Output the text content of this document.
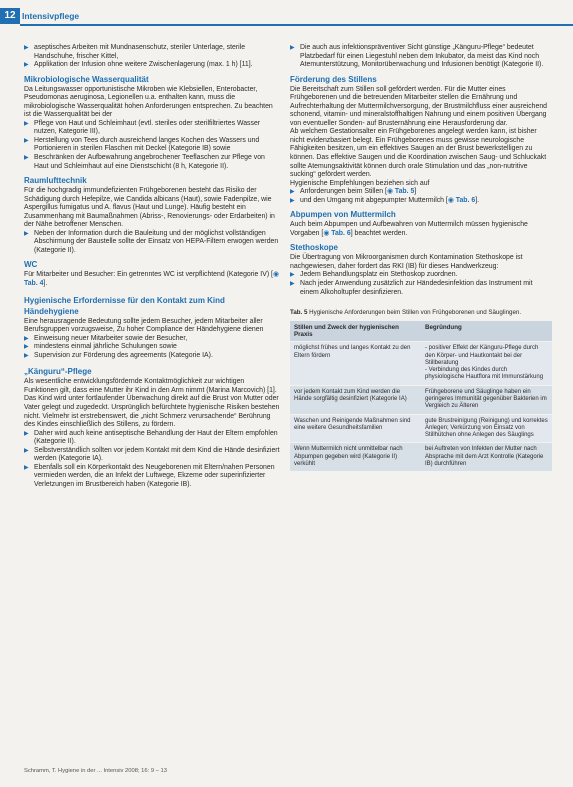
12 Intensivpflege
▶ aseptisches Arbeiten mit Mundnasenschutz, steriler Unterlage, sterile Handschuhe, frischer Kittel,
▶ Applikation der Infusion ohne weitere Zwischenlagerung (max. 1 h) [11].
Mikrobiologische Wasserqualität

Da Leitungswasser opportunistische Mikroben wie Klebsiellen, Enterobacter, Pseudomonas aeruginosa, Legionellen u.a. enthalten kann, muss die mikrobiologische Wasserqualität hohen Anforderungen entsprechen. Zu beachten ist die Wasserqualität bei der

▶ Pflege von Haut und Schleimhaut (evtl. steriles oder sterilfiltriertes Wasser nutzen, Kategorie III),
▶ Herstellung von Tees durch ausreichend langes Kochen des Wassers und Portionieren in sterilen Flaschen mit Deckel (Kategorie IB) sowie
▶ Beschränken der Aufbewahrung angebrochener Teeflaschen zur Pflege von Haut und Schleimhaut auf eine Dienstschicht (8 h, Kategorie II).
Raumlufttechnik

Für die hochgradig immundefizienten Frühgeborenen besteht das Risiko der Schädigung durch Hefepilze, wie Candida albicans (Haut), sowie Fadenpilze, wie Aspergillus fumigatus und A. flavus (Haut und Lunge). Häufig besteht ein Zusammenhang mit Baumaßnahmen (Abriss-, Renovierungs- oder Erdarbeiten) in der Nähe betroffener Menschen.

▶ Neben der Information durch die Bauleitung und der möglichst vollständigen Abschirmung der Baustelle sollte der Einsatz von HEPA-Filtern erwogen werden (Kategorie II).
WC

Für Mitarbeiter und Besucher: Ein getrenntes WC ist verpflichtend (Kategorie IV) [◉ Tab. 4].

Hygienische Erfordernisse für den Kontakt zum Kind
Händehygiene

Eine herausragende Bedeutung sollte jedem Besucher, jedem Mitarbeiter aller Berufsgruppen vorzugsweise, Zu hoher Compliance der Händehygiene dienen

▶ Einweisung neuer Mitarbeiter sowie der Besucher,
▶ mindestens einmal jährliche Schulungen sowie
▶ Supervision zur Förderung des agreements (Kategorie IA).
„Känguru“-Pflege

Als wesentliche entwicklungsfördernde Kontaktmöglichkeit zur wichtigen Funktionen gilt, dass eine Mutter ihr Kind in den Arm nimmt (Marina Marcovich) [1]. Das Kind wird unter fortlaufender Überwachung direkt auf die Brust von Mutter oder Vater gelegt und zugedeckt. Ursprünglich befürchtete hygienische Risiken bestehen nicht. Vielmehr ist erstrebenswert, die „nicht Schmerz verursachende“ Berührung des Kindes einschließlich des Stillens, zu fördern.

▶ Daher wird auch keine antiseptische Behandlung der Haut der Eltern empfohlen (Kategorie II).
▶ Selbstverständlich sollten vor jedem Kontakt mit dem Kind die Hände desinfiziert werden (Kategorie IA).
▶ Ebenfalls soll ein Körperkontakt des Neugeborenen mit Eltern/nahen Personen vermieden werden, die an Infekt der Luftwege, Ekzeme oder superinfizierter Verletzungen im Brustbereich haben (Kategorie IB).
▶ Die auch aus infektionspräventiver Sicht günstige „Känguru-Pflege“ bedeutet Platzbedarf für einen Liegestuhl neben dem Inkubator, da meist das Kind noch Atemunterstützung, Monitorüberwachung und Infusionen benötigt (Kategorie II).
Förderung des Stillens

Die Bereitschaft zum Stillen soll gefördert werden. Für die Mutter eines Frühgeborenen und die betreuenden Mitarbeiter stellen die Ernährung und Aufrechterhaltung der Muttermilchversorgung, der Brustmilchfluss einer ausreichend schonend, vitamin- und mineralstoffhaltigen Nahrung und einem positiven Übergang von eventueller Sonden- auf Brusternährung eine Herausforderung dar.

Ab welchem Gestationsalter ein Frühgeborenes angelegt werden kann, ist bisher nicht evidenzbasiert belegt. Ein Frühgeborenes muss gewisse neurologische Fähigkeiten besitzen, um ein effektives Saugen an der Brust bewerkstelligen zu können. Das effektive Saugen und die Koordination zwischen Saug- und Schluckakt sollte Atemungsaktivität können durch orale Stimulation und das „non-nutritive sucking“ gefördert werden.

Hygienische Empfehlungen beziehen sich auf

▶ Anforderungen beim Stillen [◉ Tab. 5]
▶ und den Umgang mit abgepumpter Muttermilch [◉ Tab. 6].
Abpumpen von Muttermilch

Auch beim Abpumpen und Aufbewahren von Muttermilch müssen hygienische Vorgaben [◉ Tab. 6] beachtet werden.

Stethoskope

Die Übertragung von Mikroorganismen durch Kontamination Stethoskope ist nachgewiesen, daher fordert das RKI (IB) für dieses Handwerkzeug:

▶ Jedem Behandlungsplatz ein Stethoskop zuordnen.
▶ Nach jeder Anwendung zusätzlich zur Händedesinfektion das Instrument mit einem Alkoholtupfer desinfizieren.
Tab. 5 Hygienische Anforderungen beim Stillen von Frühgeborenen und Säuglingen.
Stillen und Zweck der hygienischen Praxis	Begründung
möglichst frühes und langes Kontakt zu den Eltern fördern	- positiver Effekt der Känguru-Pflege durch den Körper- und Hautkontakt bei der Stillberatung
- Verbindung des Kindes durch physiologische Hautflora mit Immunstärkung
vor jedem Kontakt zum Kind werden die Hände sorgfältig desinfiziert (Kategorie IA)	Frühgeborene und Säuglinge haben ein geringeres Immunität gegenüber Bakterien im Vergleich zu Älteren
Waschen und Reinigende Maßnahmen sind eine weitere Gesundheitsfamilien	gute Brustreinigung (Reinigung) und korrektes Anlegen; Verkürzung von Einsatz von Stillhütchen ohne Anlegen des Säuglings
Wenn Muttermilch nicht unmittelbar nach Abpumpen gegeben wird (Kategorie II) verkühlt	bei Auftreten von Infekten der Mutter nach Absprache mit dem Arzt Kontrolle (Kategorie IB) durchführen
Schramm, T. Hygiene in der ... Intensiv 2008; 16: 9 – 13
